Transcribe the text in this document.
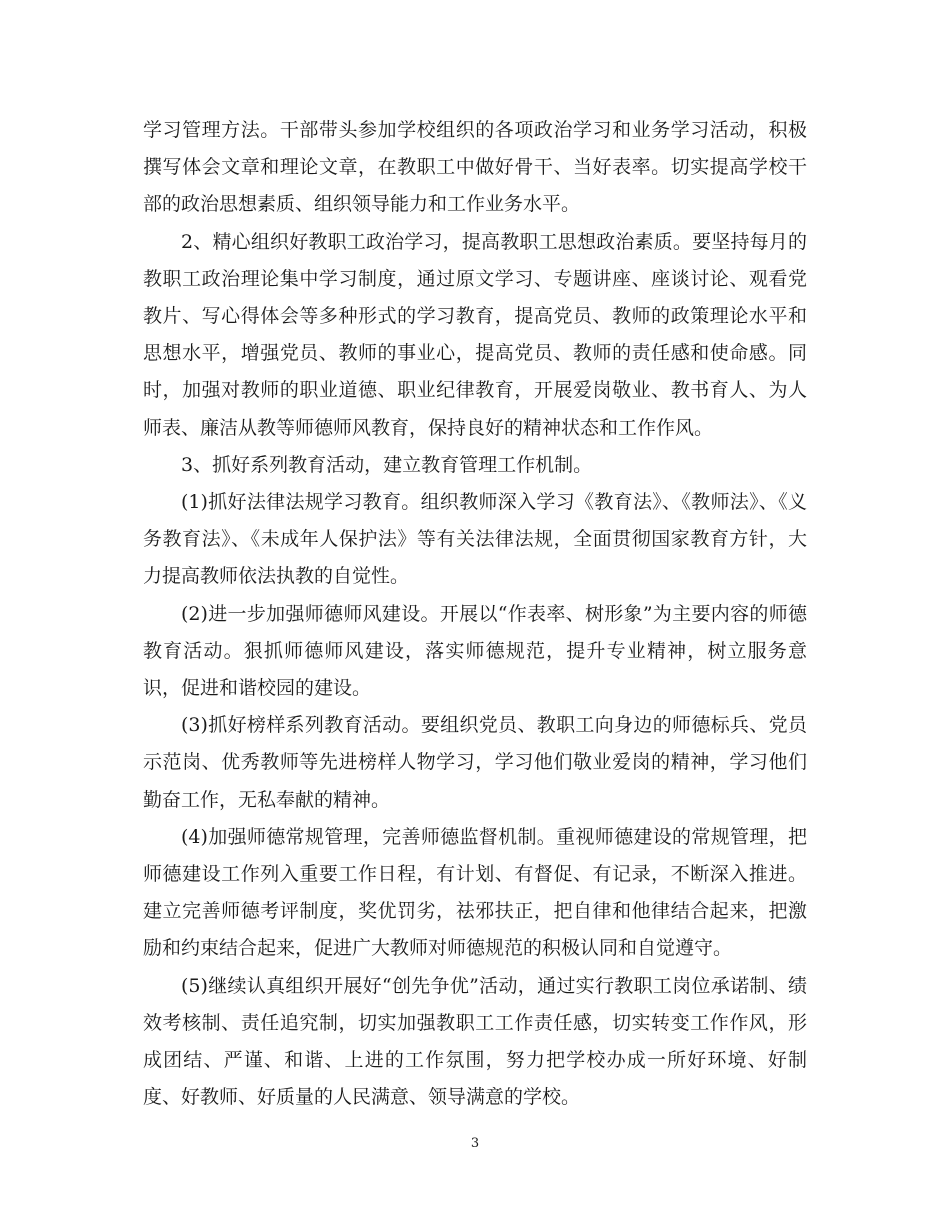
学习管理方法。干部带头参加学校组织的各项政治学习和业务学习活动，积极撰写体会文章和理论文章，在教职工中做好骨干、当好表率。切实提高学校干部的政治思想素质、组织领导能力和工作业务水平。

2、精心组织好教职工政治学习，提高教职工思想政治素质。要坚持每月的教职工政治理论集中学习制度，通过原文学习、专题讲座、座谈讨论、观看党教片、写心得体会等多种形式的学习教育，提高党员、教师的政策理论水平和思想水平，增强党员、教师的事业心，提高党员、教师的责任感和使命感。同时，加强对教师的职业道德、职业纪律教育，开展爱岗敬业、教书育人、为人师表、廉洁从教等师德师风教育，保持良好的精神状态和工作作风。

3、抓好系列教育活动，建立教育管理工作机制。

(1)抓好法律法规学习教育。组织教师深入学习《教育法》、《教师法》、《义务教育法》、《未成年人保护法》等有关法律法规，全面贯彻国家教育方针，大力提高教师依法执教的自觉性。

(2)进一步加强师德师风建设。开展以“作表率、树形象”为主要内容的师德教育活动。狠抓师德师风建设，落实师德规范，提升专业精神，树立服务意识，促进和谐校园的建设。

(3)抓好榜样系列教育活动。要组织党员、教职工向身边的师德标兵、党员示范岗、优秀教师等先进榜样人物学习，学习他们敬业爱岗的精神，学习他们勤奋工作，无私奉献的精神。

(4)加强师德常规管理，完善师德监督机制。重视师德建设的常规管理，把师德建设工作列入重要工作日程，有计划、有督促、有记录，不断深入推进。建立完善师德考评制度，奖优罚劣，祛邪扶正，把自律和他律结合起来，把激励和约束结合起来，促进广大教师对师德规范的积极认同和自觉遵守。

(5)继续认真组织开展好“创先争优”活动，通过实行教职工岗位承诺制、绩效考核制、责任追究制，切实加强教职工工作责任感，切实转变工作作风，形成团结、严谨、和谐、上进的工作氛围，努力把学校办成一所好环境、好制度、好教师、好质量的人民满意、领导满意的学校。

3
